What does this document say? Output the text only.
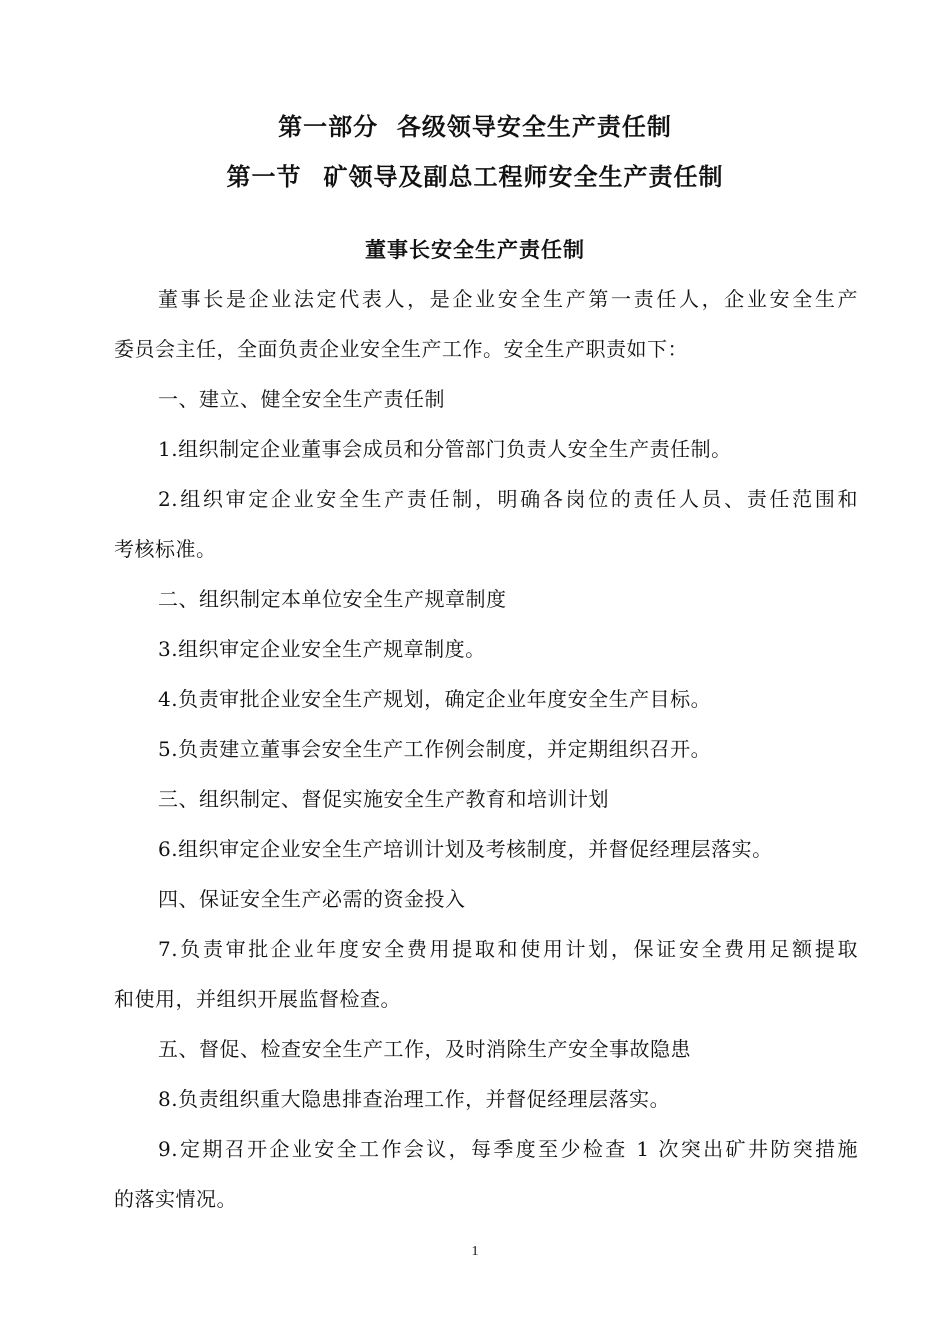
第一部分  各级领导安全生产责任制
第一节 矿领导及副总工程师安全生产责任制
董事长安全生产责任制
董事长是企业法定代表人，是企业安全生产第一责任人，企业安全生产
委员会主任，全面负责企业安全生产工作。安全生产职责如下：
一、建立、健全安全生产责任制
1.组织制定企业董事会成员和分管部门负责人安全生产责任制。
2.组织审定企业安全生产责任制，明确各岗位的责任人员、责任范围和
考核标准。
二、组织制定本单位安全生产规章制度
3.组织审定企业安全生产规章制度。
4.负责审批企业安全生产规划，确定企业年度安全生产目标。
5.负责建立董事会安全生产工作例会制度，并定期组织召开。
三、组织制定、督促实施安全生产教育和培训计划
6.组织审定企业安全生产培训计划及考核制度，并督促经理层落实。
四、保证安全生产必需的资金投入
7.负责审批企业年度安全费用提取和使用计划，保证安全费用足额提取
和使用，并组织开展监督检查。
五、督促、检查安全生产工作，及时消除生产安全事故隐患
8.负责组织重大隐患排查治理工作，并督促经理层落实。
9.定期召开企业安全工作会议，每季度至少检查 1 次突出矿井防突措施
的落实情况。
1
